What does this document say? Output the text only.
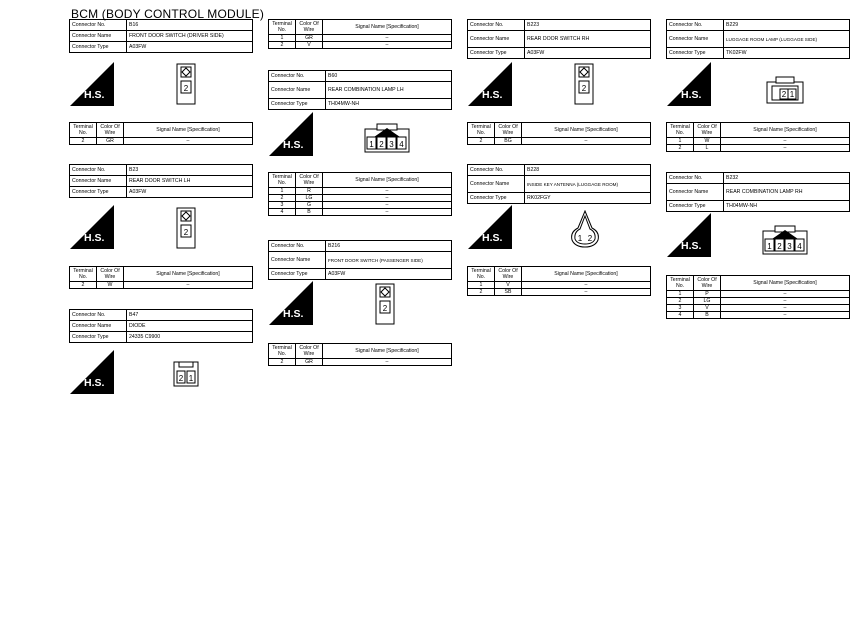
BCM (BODY CONTROL MODULE)
Connector No.	B16
Connector Name	FRONT DOOR SWITCH (DRIVER SIDE)
Connector Type	A03FW
H.S.
2
Terminal No.	Color Of Wire	Signal Name [Specification]
2	GR	–
Connector No.	B23
Connector Name	REAR DOOR SWITCH LH
Connector Type	A03FW
H.S.	2
Terminal No.	Color Of Wire	Signal Name [Specification]
2	W	–
Connector No.	B47
Connector Name	DIODE
Connector Type	24335 C9900
H.S.	2 1
Terminal No.	Color Of Wire	Signal Name [Specification]
1	GR	–
2	V	–
Connector No.	B60
Connector Name	REAR COMBINATION LAMP LH
Connector Type	TH04MW-NH
H.S.	1 2 3 4
Terminal No.	Color Of Wire	Signal Name [Specification]
1	R	–
2	LG	–
3	G	–
4	B	–
Connector No.	B216
Connector Name	FRONT DOOR SWITCH (PASSENGER SIDE)
Connector Type	A03FW
H.S.	2
Terminal No.	Color Of Wire	Signal Name [Specification]
2	GR	–
Connector No.	B223
Connector Name	REAR DOOR SWITCH RH
Connector Type	A03FW
H.S.
2
Terminal No.	Color Of Wire	Signal Name [Specification]
2	BG	–
Connector No.	B228
Connector Name	INSIDE KEY ANTENNA (LUGGAGE ROOM)
Connector Type	RK02FGY
H.S.	1 2
Terminal No.	Color Of Wire	Signal Name [Specification]
1	V	–
2	SB	–
Connector No.	B229
Connector Name	LUGGAGE ROOM LAMP (LUGGAGE SIDE)
Connector Type	TK02FW
H.S.	2 1
Terminal No.	Color Of Wire	Signal Name [Specification]
1	W	–
2	L	–
Connector No.	B232
Connector Name	REAR COMBINATION LAMP RH
Connector Type	TH04MW-NH
H.S.	1 2 3 4
Terminal No.	Color Of Wire	Signal Name [Specification]
1	P	–
2	LG	–
3	V	–
4	B	–
